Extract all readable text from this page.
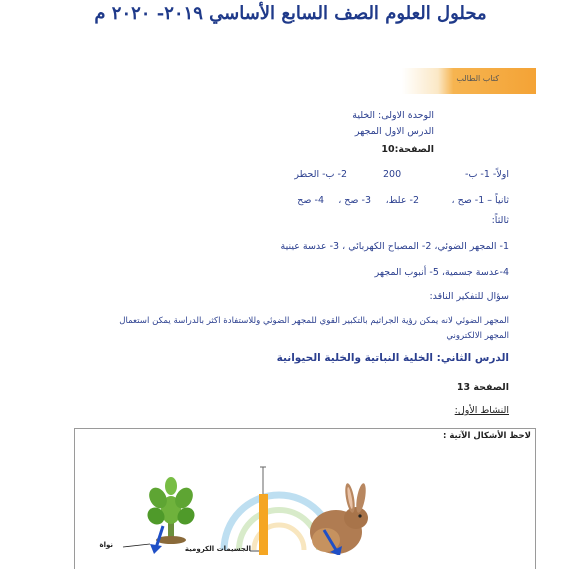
محلول العلوم الصف السابع الأساسي ٢٠١٩- ٢٠٢٠ م
كتاب الطالب
الوحدة الاولى: الخلية
الدرس الاول المجهر
الصفحة:10
اولاً- 1- ب-
200
2- ب- الحطر
ثانياً – 1- صح ،
2- علط،
3- صح ،
4- صح
ثالثاً:
1- المجهر الضوئي، 2- المصباح الكهربائي ، 3- عدسة عينية
4-عدسة جسمية، 5- أنبوب المجهر
سؤال للتفكير الناقد:
المجهر الضوئي لانه يمكن رؤية الجراثيم بالتكبير القوي للمجهر الضوئي وللاستفادة اكثر بالدراسة يمكن استعمال
المجهر الالكتروني
الدرس الثاني: الخلية النباتية والخلية الحيوانية
الصفحة 13
النشاط الأول:
لاحظ الأشكال الآتية :
نواة	الجسيمات الكرومية
